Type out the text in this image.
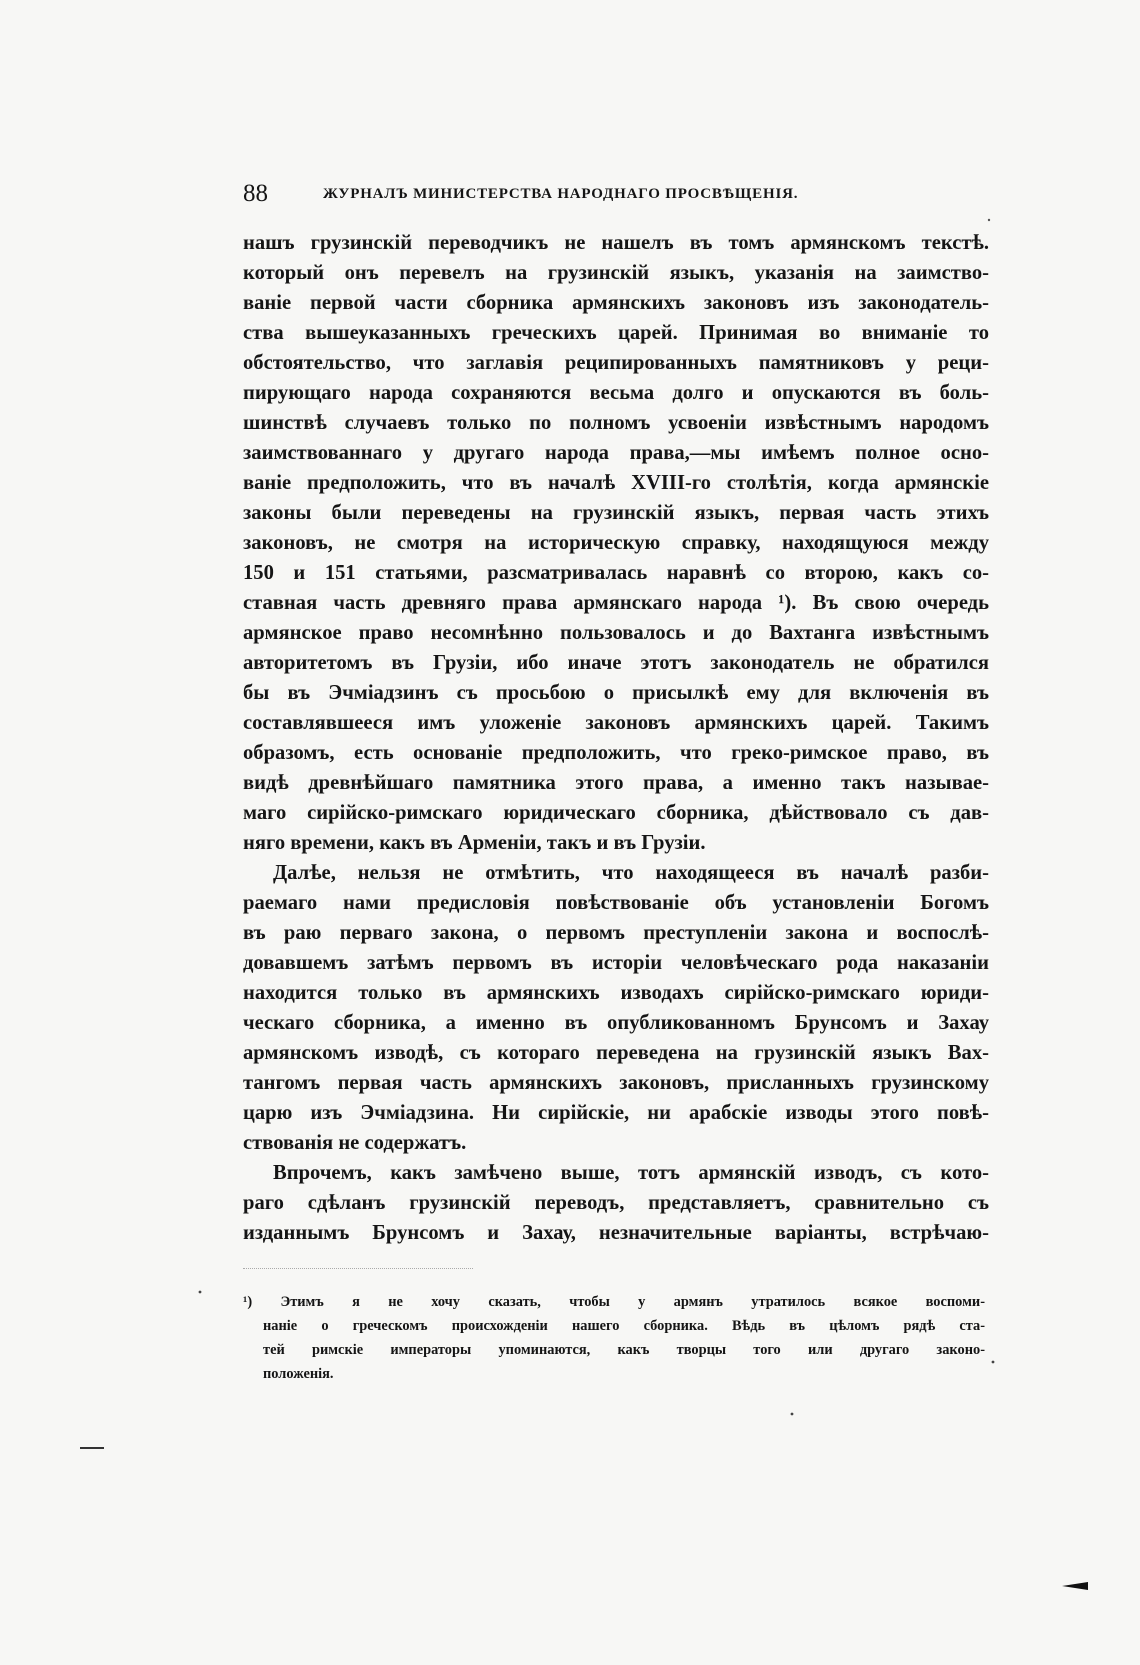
88	ЖУРНАЛЪ МИНИСТЕРСТВА НАРОДНАГО ПРОСВѢЩЕНІЯ.
нашъ грузинскій переводчикъ не нашелъ въ томъ армянскомъ текстѣ.
который онъ перевелъ на грузинскій языкъ, указанія на заимство-
ваніе первой части сборника армянскихъ законовъ изъ законодатель-
ства вышеуказанныхъ греческихъ царей. Принимая во вниманіе то
обстоятельство, что заглавія реципированныхъ памятниковъ у реци-
пирующаго народа сохраняются весьма долго и опускаются въ боль-
шинствѣ случаевъ только по полномъ усвоеніи извѣстнымъ народомъ
заимствованнаго у другаго народа права,—мы имѣемъ полное осно-
ваніе предположить, что въ началѣ XVIII-го столѣтія, когда армянскіе
законы были переведены на грузинскій языкъ, первая часть этихъ
законовъ, не смотря на историческую справку, находящуюся между
150 и 151 статьями, разсматривалась наравнѣ со второю, какъ со-
ставная часть древняго права армянскаго народа ¹). Въ свою очередь
армянское право несомнѣнно пользовалось и до Вахтанга извѣстнымъ
авторитетомъ въ Грузіи, ибо иначе этотъ законодатель не обратился
бы въ Эчміадзинъ съ просьбою о присылкѣ ему для включенія въ
составлявшееся имъ уложеніе законовъ армянскихъ царей. Такимъ
образомъ, есть основаніе предположить, что греко-римское право, въ
видѣ древнѣйшаго памятника этого права, а именно такъ называе-
маго сирійско-римскаго юридическаго сборника, дѣйствовало съ дав-
няго времени, какъ въ Арменіи, такъ и въ Грузіи.
Далѣе, нельзя не отмѣтить, что находящееся въ началѣ разби-
раемаго нами предисловія повѣствованіе объ установленіи Богомъ
въ раю перваго закона, о первомъ преступленіи закона и воспослѣ-
довавшемъ затѣмъ первомъ въ исторіи человѣческаго рода наказаніи
находится только въ армянскихъ изводахъ сирійско-римскаго юриди-
ческаго сборника, а именно въ опубликованномъ Брунсомъ и Захау
армянскомъ изводѣ, съ котораго переведена на грузинскій языкъ Вах-
тангомъ первая часть армянскихъ законовъ, присланныхъ грузинскому
царю изъ Эчміадзина. Ни сирійскіе, ни арабскіе изводы этого повѣ-
ствованія не содержатъ.
Впрочемъ, какъ замѣчено выше, тотъ армянскій изводъ, съ кото-
раго сдѣланъ грузинскій переводъ, представляетъ, сравнительно съ
изданнымъ Брунсомъ и Захау, незначительные варіанты, встрѣчаю-
¹) Этимъ я не хочу сказать, чтобы у армянъ утратилось всякое воспоми-
наніе о греческомъ происхожденіи нашего сборника. Вѣдь въ цѣломъ рядѣ ста-
тей римскіе императоры упоминаются, какъ творцы того или другаго законо-
положенія.
